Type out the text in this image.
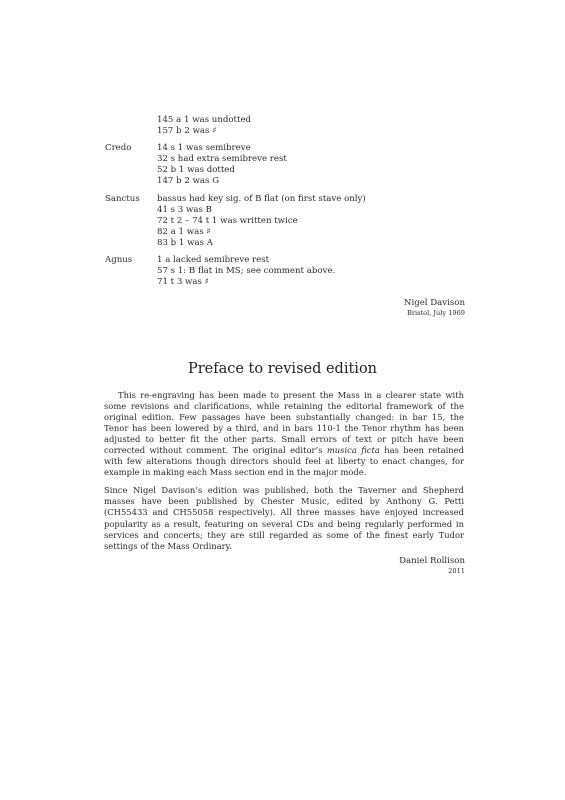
145 a 1 was undotted
157 b 2 was ♯
Credo	14 s 1 was semibreve
32 s had extra semibreve rest
52 b 1 was dotted
147 b 2 was G
Sanctus	bassus had key sig. of B flat (on first stave only)
41 s 3 was B
72 t 2 – 74 t 1 was written twice
82 a 1 was ♯
83 b 1 was A
Agnus	1 a lacked semibreve rest
57 s 1: B flat in MS; see comment above.
71 t 3 was ♯
Nigel Davison
Bristol, July 1969
Preface to revised edition

This re-engraving has been made to present the Mass in a clearer state with some revisions and clarifications, while retaining the editorial framework of the original edition. Few passages have been substantially changed: in bar 15, the Tenor has been lowered by a third, and in bars 110-1 the Tenor rhythm has been adjusted to better fit the other parts. Small errors of text or pitch have been corrected without comment. The original editor’s musica ficta has been retained with few alterations though directors should feel at liberty to enact changes, for example in making each Mass section end in the major mode.

Since Nigel Davison’s edition was published, both the Taverner and Shepherd masses have been published by Chester Music, edited by Anthony G. Petti (CH55433 and CH55058 respectively). All three masses have enjoyed increased popularity as a result, featuring on several CDs and being regularly performed in services and concerts; they are still regarded as some of the finest early Tudor settings of the Mass Ordinary.

Daniel Rollison
2011
